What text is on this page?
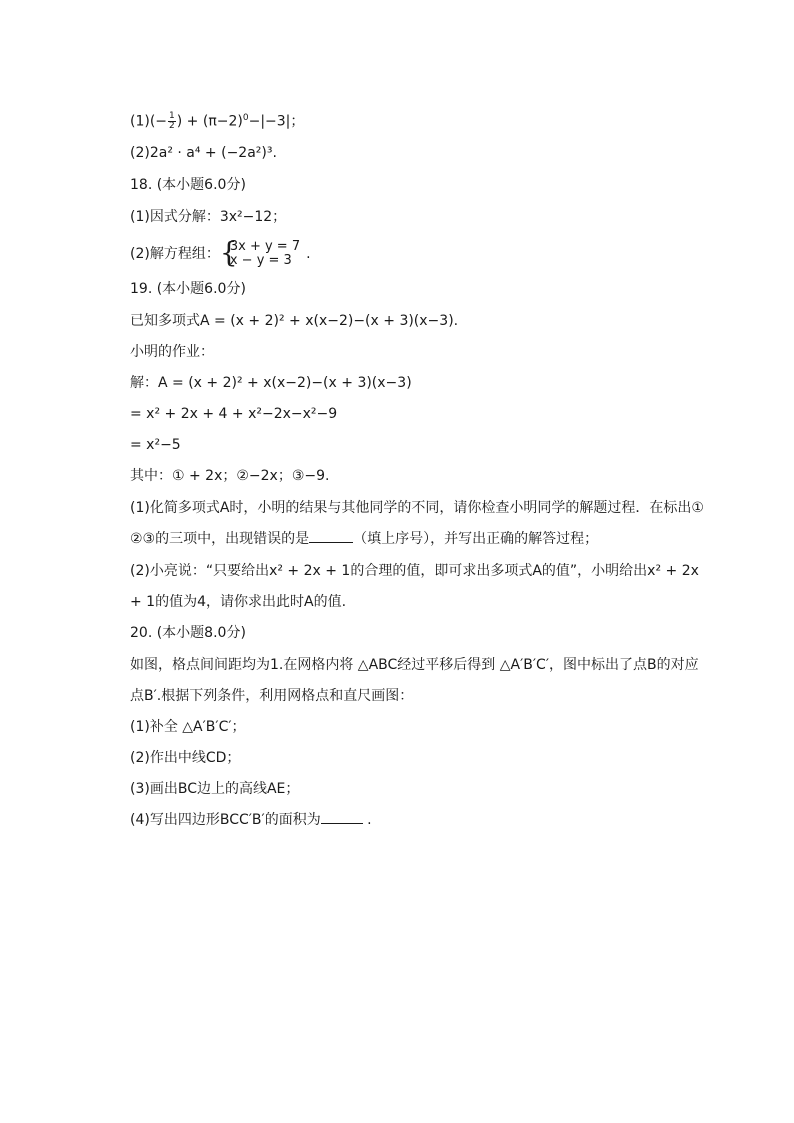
$(1)(- \frac{1}{2}$ ) + $(\pi-2)^0-|-3|$；
(2)2a² · a⁴ + (−2a²)³.
18. (本小题6.0分)
(1)因式分解：3x²−12；
(2)解方程组： {
3x + y = 7
x − y = 3	.
19. (本小题6.0分)
已知多项式A = (x + 2)² + x(x−2)−(x + 3)(x−3).
小明的作业：
解：A = (x + 2)² + x(x−2)−(x + 3)(x−3)
= x² + 2x + 4 + x²−2x−x²−9
= x²−5
其中：① + 2x；②−2x；③−9.
(1)化简多项式A时，小明的结果与其他同学的不同，请你检查小明同学的解题过程．在标出①
②③的三项中，出现错误的是	（填上序号），并写出正确的解答过程；
(2)小亮说：“只要给出x² + 2x + 1的合理的值，即可求出多项式A的值”，小明给出x² + 2x
+ 1的值为4，请你求出此时A的值.
20. (本小题8.0分)
如图，格点间间距均为1.在网格内将 △ABC经过平移后得到 △A′B′C′，图中标出了点B的对应
点B′.根据下列条件，利用网格点和直尺画图：
(1)补全 △A′B′C′；
(2)作出中线CD；
(3)画出BC边上的高线AE；
(4)写出四边形BCC′B′的面积为	.
